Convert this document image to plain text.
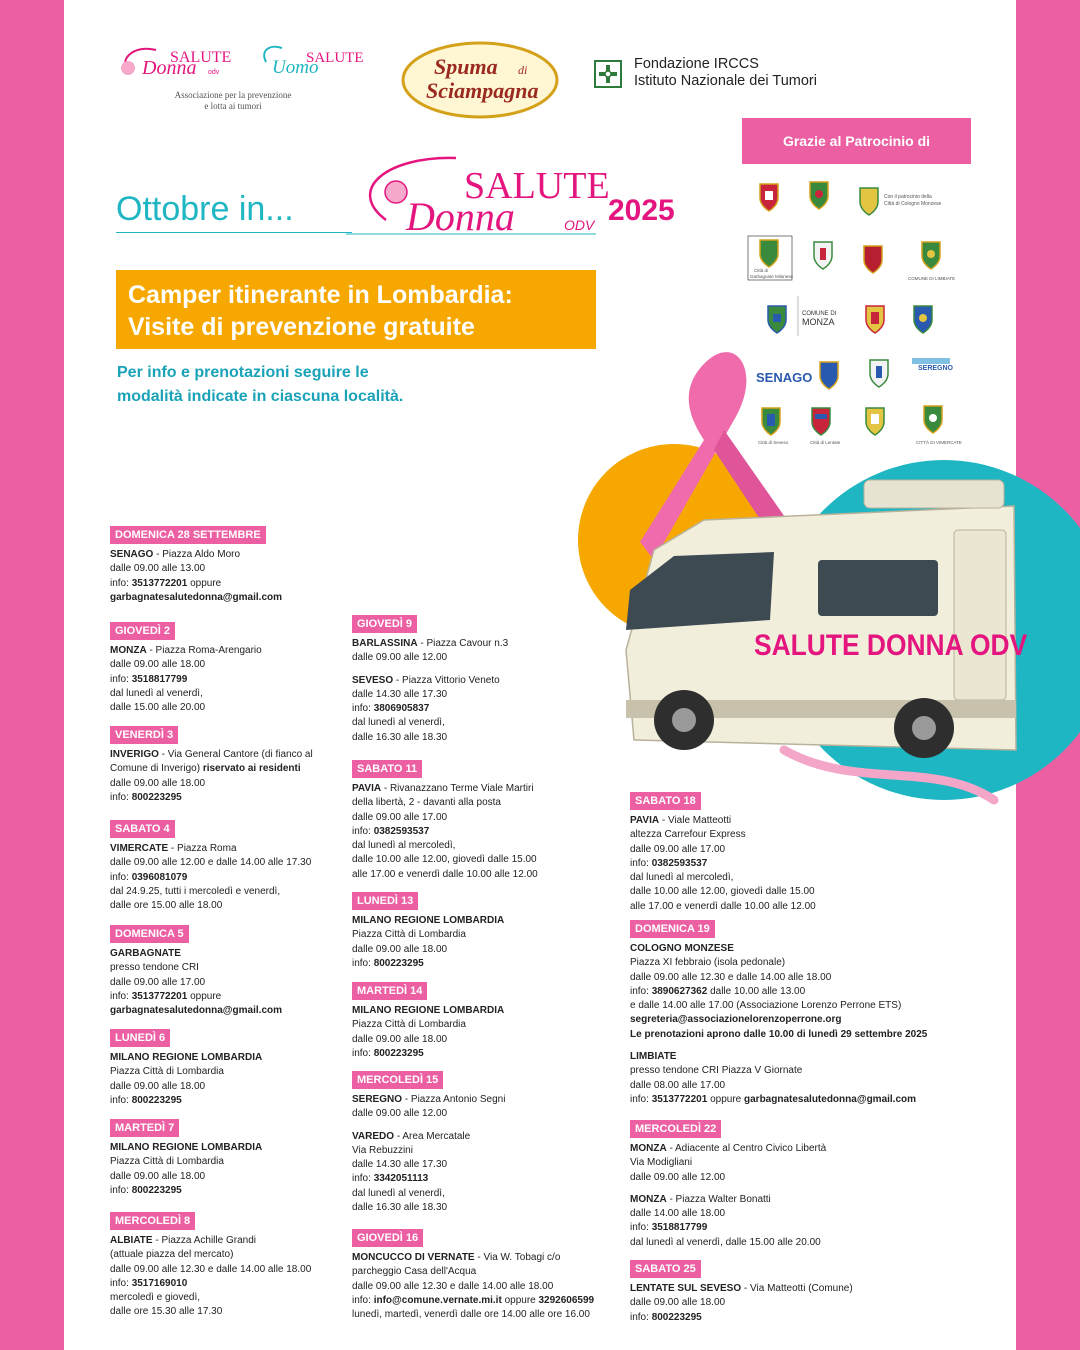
SALUTE
Donna odv
SALUTE
Uomo
Associazione per la prevenzione
e lotta ai tumori
Spuma di
Sciampagna
Fondazione IRCCS
Istituto Nazionale dei Tumori
Grazie al Patrocinio di
Con il patrocinio della
Città di Cologno Monzese
Città di
Garbagnate Milanese	COMUNE DI LIMBIATE
COMUNE DI
MONZA
SENAGO
SEREGNO
Città di Seveso	Città di Lentate	CITTÀ DI VIMERCATE
Ottobre in...
SALUTE
Donna	ODV 2025
Camper itinerante in Lombardia:
Visite di prevenzione gratuite
Per info e prenotazioni seguire le
modalità indicate in ciascuna località.
SALUTE DONNA ODV
DOMENICA 28 SETTEMBRE
SENAGO - Piazza Aldo Moro
dalle 09.00 alle 13.00
info: 3513772201 oppure
garbagnatesalutedonna@gmail.com
GIOVEDÌ 2
MONZA - Piazza Roma-Arengario
dalle 09.00 alle 18.00
info: 3518817799
dal lunedì al venerdì,
dalle 15.00 alle 20.00
VENERDÌ 3
INVERIGO - Via General Cantore (di fianco al
Comune di Inverigo) riservato ai residenti
dalle 09.00 alle 18.00
info: 800223295
SABATO 4
VIMERCATE - Piazza Roma
dalle 09.00 alle 12.00 e dalle 14.00 alle 17.30
info: 0396081079
dal 24.9.25, tutti i mercoledì e venerdì,
dalle ore 15.00 alle 18.00
DOMENICA 5
GARBAGNATE
presso tendone CRI
dalle 09.00 alle 17.00
info: 3513772201 oppure
garbagnatesalutedonna@gmail.com
LUNEDÌ 6
MILANO REGIONE LOMBARDIA
Piazza Città di Lombardia
dalle 09.00 alle 18.00
info: 800223295
MARTEDÌ 7
MILANO REGIONE LOMBARDIA
Piazza Città di Lombardia
dalle 09.00 alle 18.00
info: 800223295
MERCOLEDÌ 8
ALBIATE - Piazza Achille Grandi
(attuale piazza del mercato)
dalle 09.00 alle 12.30 e dalle 14.00 alle 18.00
info: 3517169010
mercoledì e giovedì,
dalle ore 15.30 alle 17.30
GIOVEDÌ 9
BARLASSINA - Piazza Cavour n.3
dalle 09.00 alle 12.00

SEVESO - Piazza Vittorio Veneto
dalle 14.30 alle 17.30
info: 3806905837
dal lunedì al venerdì,
dalle 16.30 alle 18.30
SABATO 11
PAVIA - Rivanazzano Terme Viale Martiri
della libertà, 2 - davanti alla posta
dalle 09.00 alle 17.00
info: 0382593537
dal lunedì al mercoledì,
dalle 10.00 alle 12.00, giovedì dalle 15.00
alle 17.00 e venerdì dalle 10.00 alle 12.00
LUNEDÌ 13
MILANO REGIONE LOMBARDIA
Piazza Città di Lombardia
dalle 09.00 alle 18.00
info: 800223295
MARTEDÌ 14
MILANO REGIONE LOMBARDIA
Piazza Città di Lombardia
dalle 09.00 alle 18.00
info: 800223295
MERCOLEDÌ 15
SEREGNO - Piazza Antonio Segni
dalle 09.00 alle 12.00

VAREDO - Area Mercatale
Via Rebuzzini
dalle 14.30 alle 17.30
info: 3342051113
dal lunedì al venerdì,
dalle 16.30 alle 18.30
GIOVEDÌ 16
MONCUCCO DI VERNATE - Via W. Tobagi c/o
parcheggio Casa dell'Acqua
dalle 09.00 alle 12.30 e dalle 14.00 alle 18.00
info: info@comune.vernate.mi.it oppure 3292606599
lunedì, martedì, venerdì dalle ore 14.00 alle ore 16.00
SABATO 18
PAVIA - Viale Matteotti
altezza Carrefour Express
dalle 09.00 alle 17.00
info: 0382593537
dal lunedì al mercoledì,
dalle 10.00 alle 12.00, giovedì dalle 15.00
alle 17.00 e venerdì dalle 10.00 alle 12.00
DOMENICA 19
COLOGNO MONZESE
Piazza XI febbraio (isola pedonale)
dalle 09.00 alle 12.30 e dalle 14.00 alle 18.00
info: 3890627362 dalle 10.00 alle 13.00
e dalle 14.00 alle 17.00 (Associazione Lorenzo Perrone ETS)
segreteria@associazionelorenzoperrone.org
Le prenotazioni aprono dalle 10.00 di lunedì 29 settembre 2025

LIMBIATE
presso tendone CRI Piazza V Giornate
dalle 08.00 alle 17.00
info: 3513772201 oppure garbagnatesalutedonna@gmail.com
MERCOLEDÌ 22
MONZA - Adiacente al Centro Civico Libertà
Via Modigliani
dalle 09.00 alle 12.00

MONZA - Piazza Walter Bonatti
dalle 14.00 alle 18.00
info: 3518817799
dal lunedì al venerdì, dalle 15.00 alle 20.00
SABATO 25
LENTATE SUL SEVESO - Via Matteotti (Comune)
dalle 09.00 alle 18.00
info: 800223295
